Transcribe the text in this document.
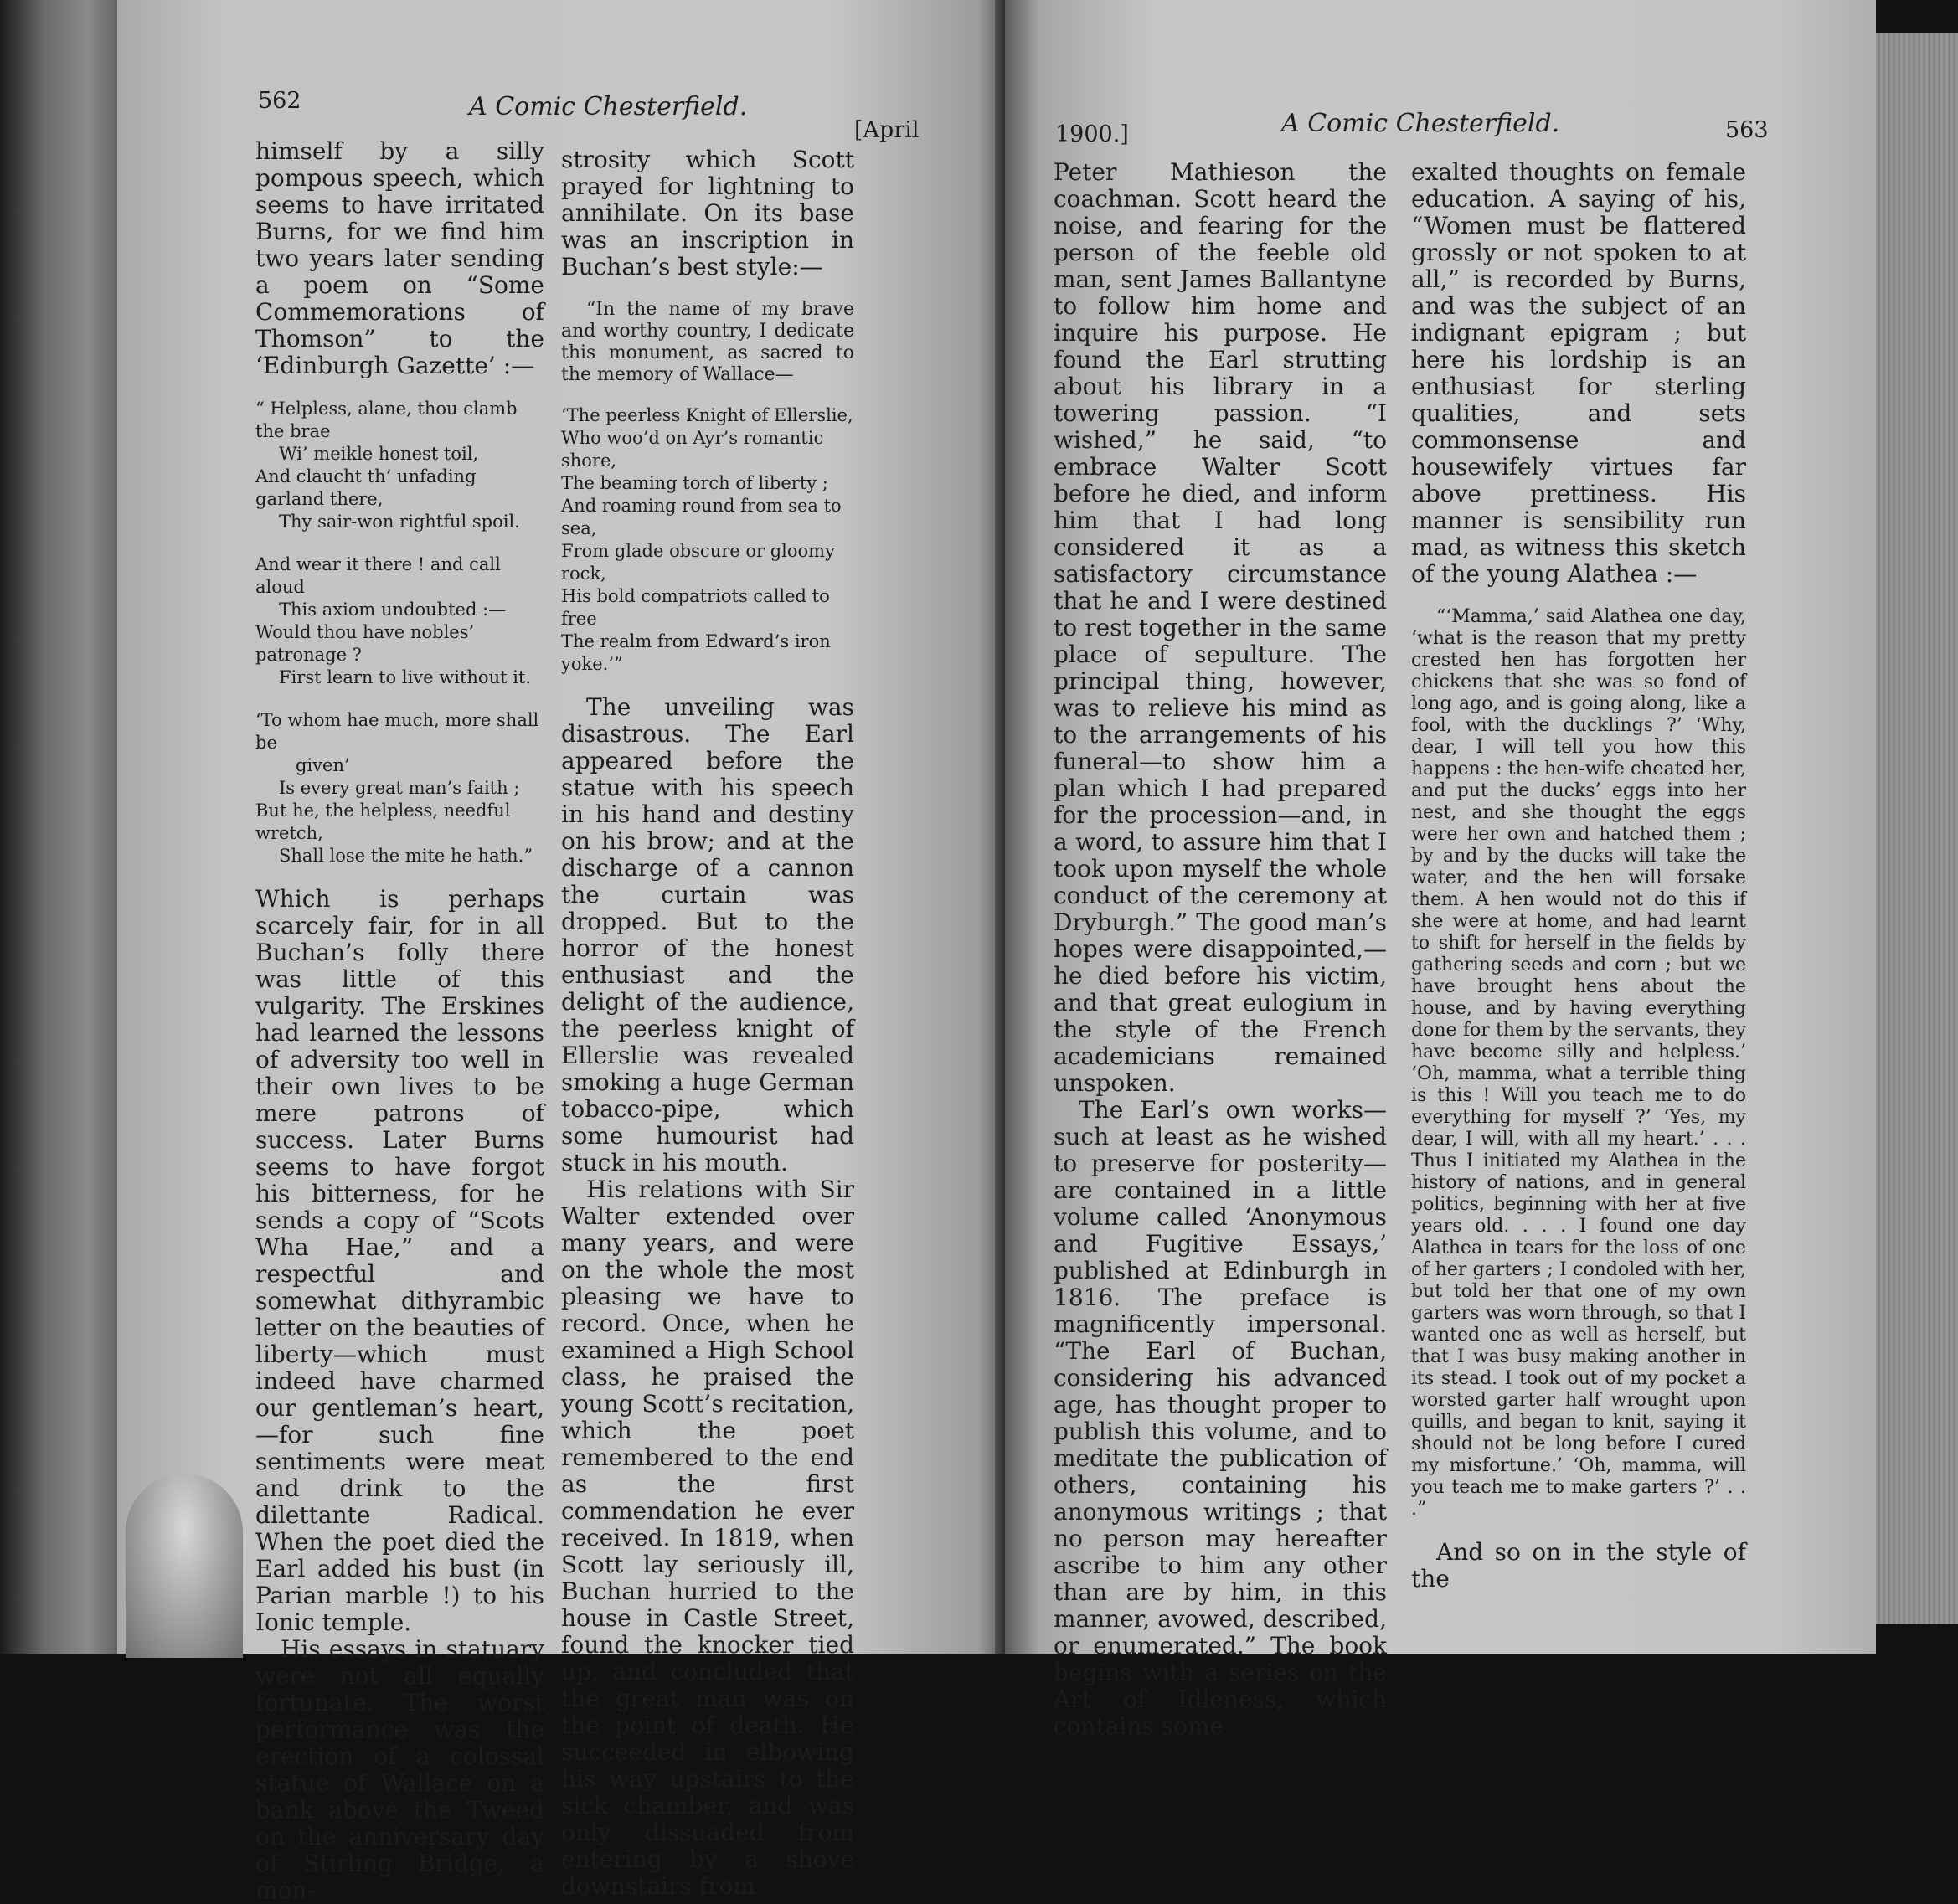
562	A Comic Chesterfield.
[April

himself by a silly pompous speech, which seems to have irritated Burns, for we find him two years later sending a poem on “Some Commemorations of Thomson” to the ‘Edinburgh Gazette’ :—

“ Helpless, alane, thou clamb the brae
Wi’ meikle honest toil,
And claucht th’ unfading garland there,
Thy sair-won rightful spoil.
And wear it there ! and call aloud
This axiom undoubted :—
Would thou have nobles’ patronage ?
First learn to live without it.
‘To whom hae much, more shall be
given’
Is every great man’s faith ;
But he, the helpless, needful wretch,
Shall lose the mite he hath.”

Which is perhaps scarcely fair, for in all Buchan’s folly there was little of this vulgarity. The Erskines had learned the lessons of adversity too well in their own lives to be mere patrons of success. Later Burns seems to have forgot his bitterness, for he sends a copy of “Scots Wha Hae,” and a respectful and somewhat dithyrambic letter on the beauties of liberty—which must indeed have charmed our gentleman’s heart, —for such fine sentiments were meat and drink to the dilettante Radical. When the poet died the Earl added his bust (in Parian marble !) to his Ionic temple.

His essays in statuary were not all equally fortunate. The worst performance was the erection of a colossal statue of Wallace on a bank above the Tweed on the anniversary day of Stirling Bridge, a mon-

strosity which Scott prayed for lightning to annihilate. On its base was an inscription in Buchan’s best style:—

“In the name of my brave and worthy country, I dedicate this monument, as sacred to the memory of Wallace—

‘The peerless Knight of Ellerslie,
Who woo’d on Ayr’s romantic shore,
The beaming torch of liberty ;
And roaming round from sea to sea,
From glade obscure or gloomy rock,
His bold compatriots called to free
The realm from Edward’s iron yoke.’”

The unveiling was disastrous. The Earl appeared before the statue with his speech in his hand and destiny on his brow; and at the discharge of a cannon the curtain was dropped. But to the horror of the honest enthusiast and the delight of the audience, the peerless knight of Ellerslie was revealed smoking a huge German tobacco-pipe, which some humourist had stuck in his mouth.

His relations with Sir Walter extended over many years, and were on the whole the most pleasing we have to record. Once, when he examined a High School class, he praised the young Scott’s recitation, which the poet remembered to the end as the first commendation he ever received. In 1819, when Scott lay seriously ill, Buchan hurried to the house in Castle Street, found the knocker tied up, and concluded that the great man was on the point of death. He succeeded in elbowing his way upstairs to the sick chamber, and was only dissuaded from entering by a shove downstairs from

1900.]	A Comic Chesterfield.	563

Peter Mathieson the coachman. Scott heard the noise, and fearing for the person of the feeble old man, sent James Ballantyne to follow him home and inquire his purpose. He found the Earl strutting about his library in a towering passion. “I wished,” he said, “to embrace Walter Scott before he died, and inform him that I had long considered it as a satisfactory circumstance that he and I were destined to rest together in the same place of sepulture. The principal thing, however, was to relieve his mind as to the arrangements of his funeral—to show him a plan which I had prepared for the procession—and, in a word, to assure him that I took upon myself the whole conduct of the ceremony at Dryburgh.” The good man’s hopes were disappointed,—he died before his victim, and that great eulogium in the style of the French academicians remained unspoken.

The Earl’s own works—such at least as he wished to preserve for posterity—are contained in a little volume called ‘Anonymous and Fugitive Essays,’ published at Edinburgh in 1816. The preface is magnificently impersonal. “The Earl of Buchan, considering his advanced age, has thought proper to publish this volume, and to meditate the publication of others, containing his anonymous writings ; that no person may hereafter ascribe to him any other than are by him, in this manner, avowed, described, or enumerated.” The book begins with a series on the Art of Idleness, which contains some

exalted thoughts on female education. A saying of his, “Women must be flattered grossly or not spoken to at all,” is recorded by Burns, and was the subject of an indignant epigram ; but here his lordship is an enthusiast for sterling qualities, and sets commonsense and housewifely virtues far above prettiness. His manner is sensibility run mad, as witness this sketch of the young Alathea :—

“‘Mamma,’ said Alathea one day, ‘what is the reason that my pretty crested hen has forgotten her chickens that she was so fond of long ago, and is going along, like a fool, with the ducklings ?’ ‘Why, dear, I will tell you how this happens : the hen-wife cheated her, and put the ducks’ eggs into her nest, and she thought the eggs were her own and hatched them ; by and by the ducks will take the water, and the hen will forsake them. A hen would not do this if she were at home, and had learnt to shift for herself in the fields by gathering seeds and corn ; but we have brought hens about the house, and by having everything done for them by the servants, they have become silly and helpless.’ ‘Oh, mamma, what a terrible thing is this ! Will you teach me to do everything for myself ?’ ‘Yes, my dear, I will, with all my heart.’ . . . Thus I initiated my Alathea in the history of nations, and in general politics, beginning with her at five years old. . . . I found one day Alathea in tears for the loss of one of her garters ; I condoled with her, but told her that one of my own garters was worn through, so that I wanted one as well as herself, but that I was busy making another in its stead. I took out of my pocket a worsted garter half wrought upon quills, and began to knit, saying it should not be long before I cured my misfortune.’ ‘Oh, mamma, will you teach me to make garters ?’ . . .”

And so on in the style of the
